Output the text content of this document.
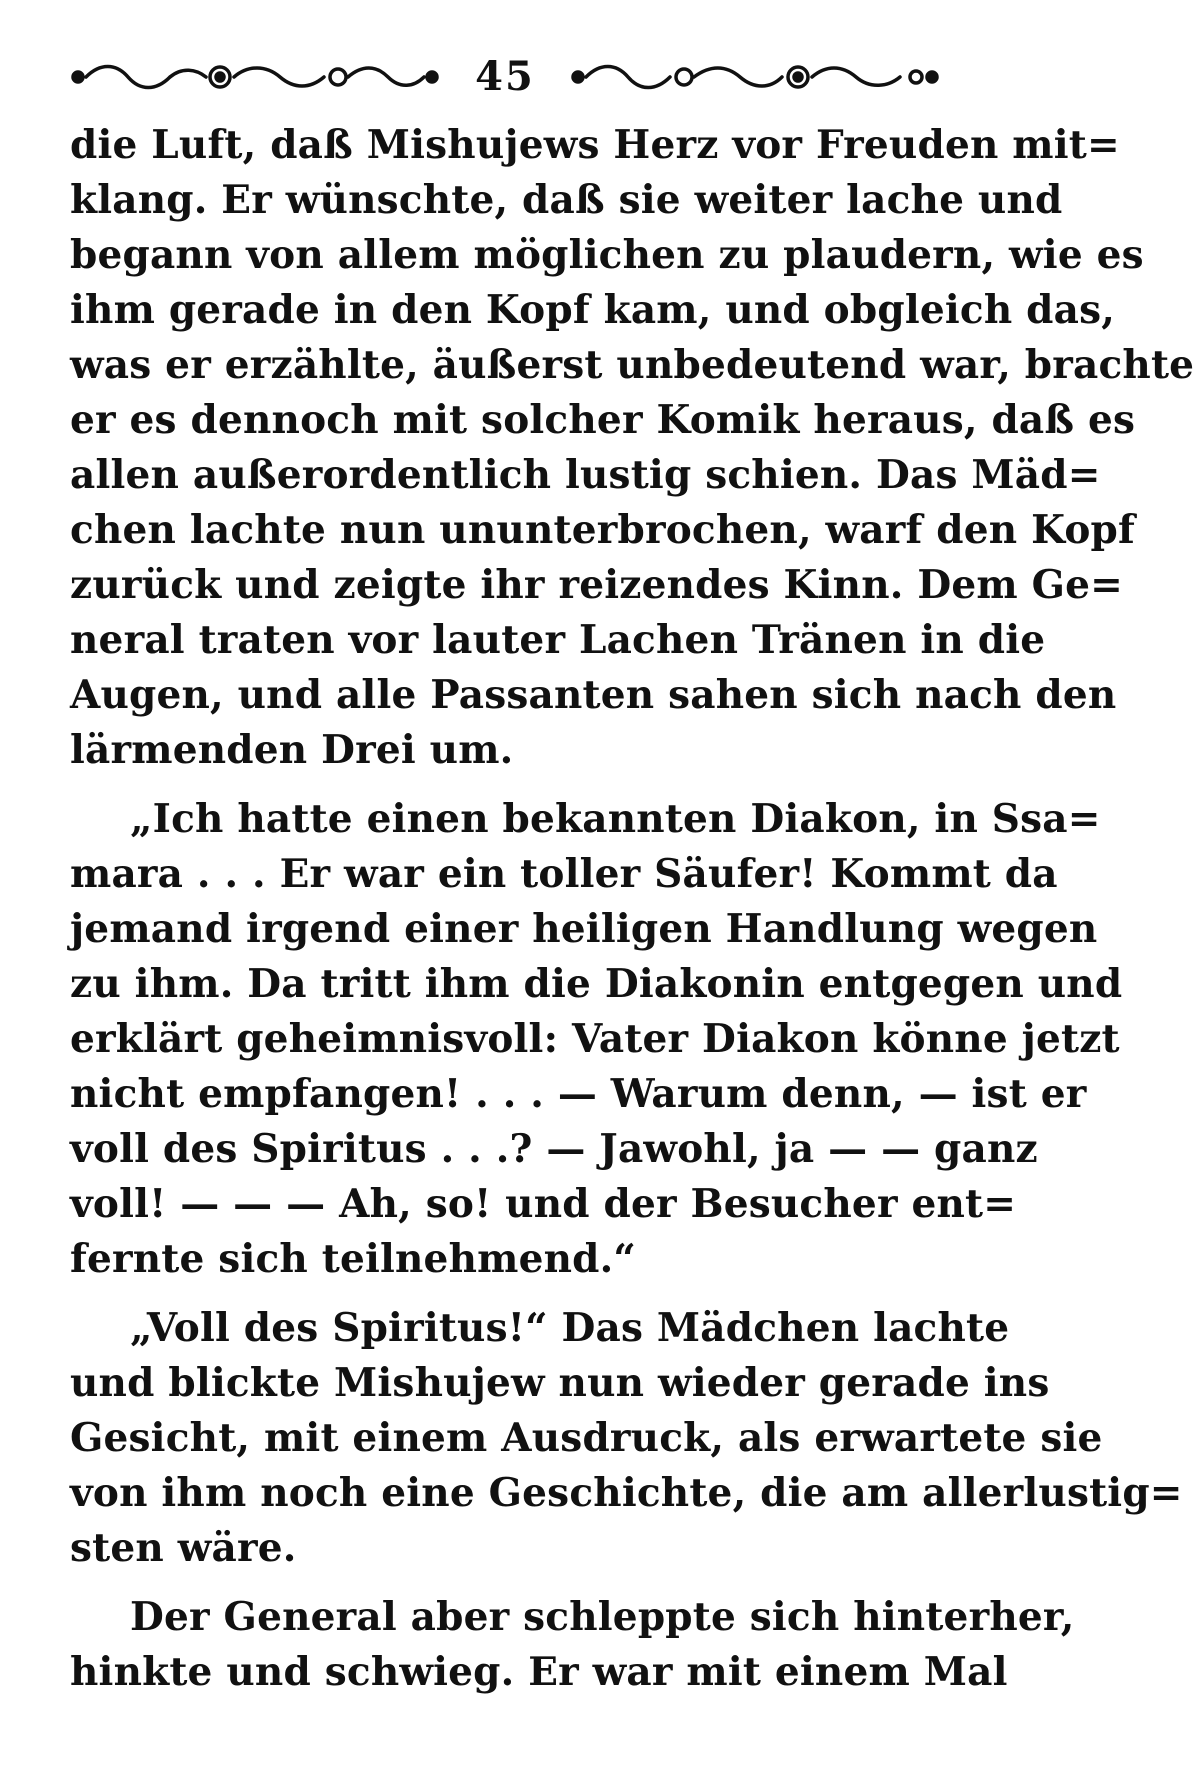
45
die Luft, daß Mishujews Herz vor Freuden mit=
klang. Er wünschte, daß sie weiter lache und
begann von allem möglichen zu plaudern, wie es
ihm gerade in den Kopf kam, und obgleich das,
was er erzählte, äußerst unbedeutend war, brachte
er es dennoch mit solcher Komik heraus, daß es
allen außerordentlich lustig schien. Das Mäd=
chen lachte nun ununterbrochen, warf den Kopf
zurück und zeigte ihr reizendes Kinn. Dem Ge=
neral traten vor lauter Lachen Tränen in die
Augen, und alle Passanten sahen sich nach den
lärmenden Drei um.
„Ich hatte einen bekannten Diakon, in Ssa=
mara . . . Er war ein toller Säufer! Kommt da
jemand irgend einer heiligen Handlung wegen
zu ihm. Da tritt ihm die Diakonin entgegen und
erklärt geheimnisvoll: Vater Diakon könne jetzt
nicht empfangen! . . . — Warum denn, — ist er
voll des Spiritus . . .? — Jawohl, ja — — ganz
voll! — — — Ah, so! und der Besucher ent=
fernte sich teilnehmend.“
„Voll des Spiritus!“ Das Mädchen lachte
und blickte Mishujew nun wieder gerade ins
Gesicht, mit einem Ausdruck, als erwartete sie
von ihm noch eine Geschichte, die am allerlustig=
sten wäre.
Der General aber schleppte sich hinterher,
hinkte und schwieg. Er war mit einem Mal
